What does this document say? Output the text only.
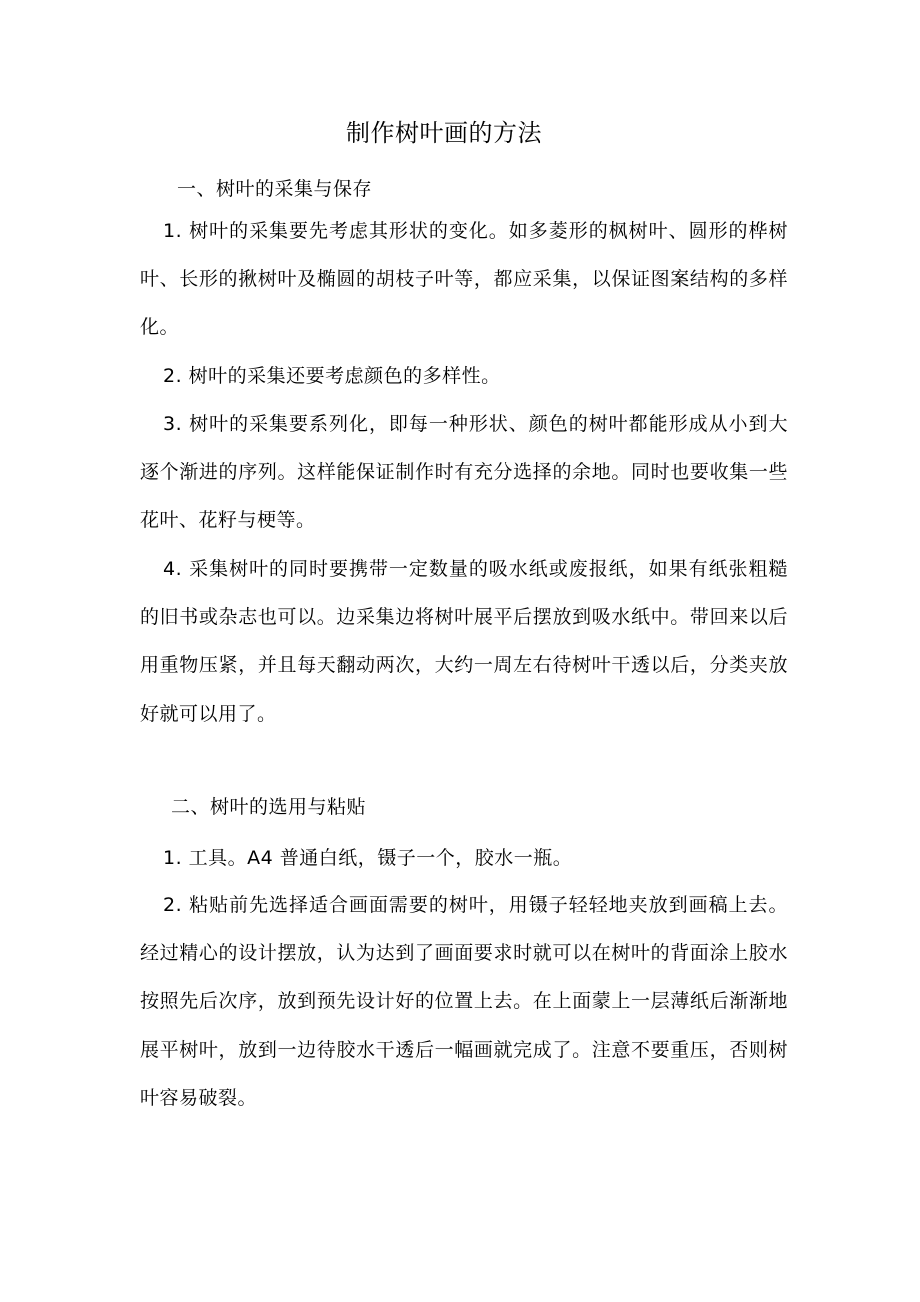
制作树叶画的方法
一、树叶的采集与保存

1. 树叶的采集要先考虑其形状的变化。如多菱形的枫树叶、圆形的桦树叶、长形的揪树叶及椭圆的胡枝子叶等，都应采集，以保证图案结构的多样化。

2. 树叶的采集还要考虑颜色的多样性。

3. 树叶的采集要系列化，即每一种形状、颜色的树叶都能形成从小到大逐个渐进的序列。这样能保证制作时有充分选择的余地。同时也要收集一些花叶、花籽与梗等。

4. 采集树叶的同时要携带一定数量的吸水纸或废报纸，如果有纸张粗糙的旧书或杂志也可以。边采集边将树叶展平后摆放到吸水纸中。带回来以后用重物压紧，并且每天翻动两次，大约一周左右待树叶干透以后，分类夹放好就可以用了。

二、树叶的选用与粘贴

1. 工具。A4 普通白纸，镊子一个，胶水一瓶。

2. 粘贴前先选择适合画面需要的树叶，用镊子轻轻地夹放到画稿上去。经过精心的设计摆放，认为达到了画面要求时就可以在树叶的背面涂上胶水按照先后次序，放到预先设计好的位置上去。在上面蒙上一层薄纸后渐渐地展平树叶，放到一边待胶水干透后一幅画就完成了。注意不要重压，否则树叶容易破裂。
